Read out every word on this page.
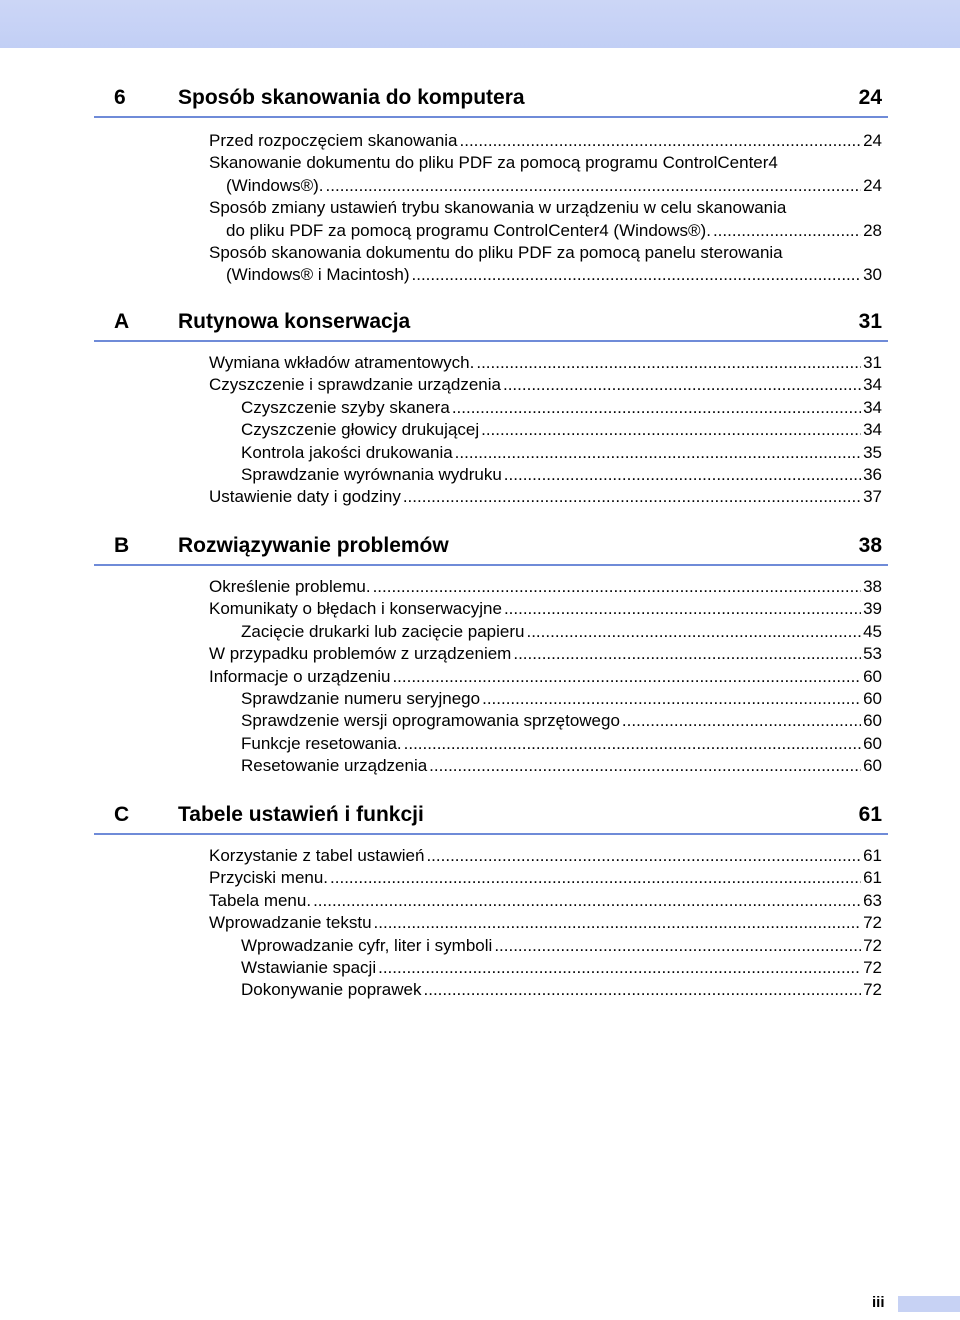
6 Sposób skanowania do komputera	24
Przed rozpoczęciem skanowania .....	24
Skanowanie dokumentu do pliku PDF za pomocą programu ControlCenter4
(Windows®). .....	24
Sposób zmiany ustawień trybu skanowania w urządzeniu w celu skanowania
do pliku PDF za pomocą programu ControlCenter4 (Windows®). .....	28
Sposób skanowania dokumentu do pliku PDF za pomocą panelu sterowania
(Windows® i Macintosh) .....	30
A Rutynowa konserwacja	31
Wymiana wkładów atramentowych. .....	31
Czyszczenie i sprawdzanie urządzenia .....	34
Czyszczenie szyby skanera .....	34
Czyszczenie głowicy drukującej .....	34
Kontrola jakości drukowania .....	35
Sprawdzanie wyrównania wydruku .....	36
Ustawienie daty i godziny .....	37
B Rozwiązywanie problemów	38
Określenie problemu. .....	38
Komunikaty o błędach i konserwacyjne .....	39
Zacięcie drukarki lub zacięcie papieru .....	45
W przypadku problemów z urządzeniem .....	53
Informacje o urządzeniu .....	60
Sprawdzanie numeru seryjnego .....	60
Sprawdzenie wersji oprogramowania sprzętowego .....	60
Funkcje resetowania. .....	60
Resetowanie urządzenia .....	60
C Tabele ustawień i funkcji	61
Korzystanie z tabel ustawień .....	61
Przyciski menu. .....	61
Tabela menu. .....	63
Wprowadzanie tekstu .....	72
Wprowadzanie cyfr, liter i symboli .....	72
Wstawianie spacji .....	72
Dokonywanie poprawek .....	72
iii
